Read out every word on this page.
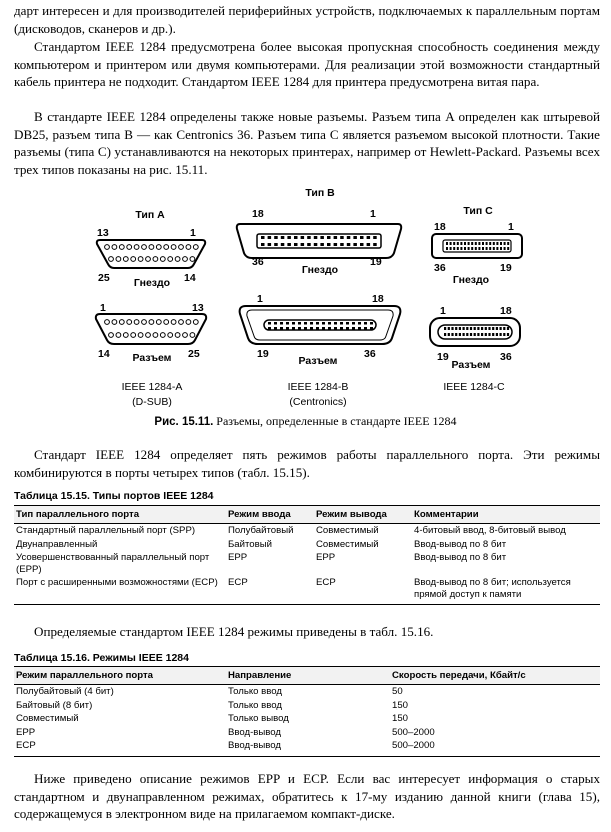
дарт интересен и для производителей периферийных устройств, подключаемых к параллельным портам (дисководов, сканеров и др.).
Стандартом IEEE 1284 предусмотрена более высокая пропускная способность соединения между компьютером и принтером или двумя компьютерами. Для реализации этой возможности стандартный кабель принтера не подходит. Стандартом IEEE 1284 для принтера предусмотрена витая пара.
В стандарте IEEE 1284 определены также новые разъемы. Разъем типа A определен как штыревой DB25, разъем типа B — как Centronics 36. Разъем типа C является разъемом высокой плотности. Такие разъемы (типа C) устанавливаются на некоторых принтерах, например от Hewlett-Packard. Разъемы всех трех типов показаны на рис. 15.11.
Тип A
13	1
25	14
Гнездо
1	13
14	25
Разъем
IEEE 1284-A
(D-SUB)
Тип B
18	1
36	19
Гнездо
1	18
19	36
Разъем
IEEE 1284-B
(Centronics)
Тип C
18	1
36	19
Гнездо
1	18
19	36
Разъем
IEEE 1284-C
Рис. 15.11. Разъемы, определенные в стандарте IEEE 1284
Стандарт IEEE 1284 определяет пять режимов работы параллельного порта. Эти режимы комбинируются в порты четырех типов (табл. 15.15).
Таблица 15.15. Типы портов IEEE 1284
Тип параллельного порта	Режим ввода	Режим вывода	Комментарии
Стандартный параллельный порт (SPP)	Полубайтовый	Совместимый	4-битовый ввод, 8-битовый вывод
Двунаправленный	Байтовый	Совместимый	Ввод-вывод по 8 бит
Усовершенствованный параллельный порт (EPP)	EPP	EPP	Ввод-вывод по 8 бит
Порт с расширенными возможностями (ECP)	ECP	ECP	Ввод-вывод по 8 бит; используется прямой доступ к памяти
Определяемые стандартом IEEE 1284 режимы приведены в табл. 15.16.
Таблица 15.16. Режимы IEEE 1284
Режим параллельного порта	Направление	Скорость передачи, Кбайт/с
Полубайтовый (4 бит)	Только ввод	50
Байтовый (8 бит)	Только ввод	150
Совместимый	Только вывод	150
EPP	Ввод-вывод	500–2000
ECP	Ввод-вывод	500–2000
Ниже приведено описание режимов EPP и ECP. Если вас интересует информация о старых стандартном и двунаправленном режимах, обратитесь к 17-му изданию данной книги (глава 15), содержащемуся в электронном виде на прилагаемом компакт-диске.
